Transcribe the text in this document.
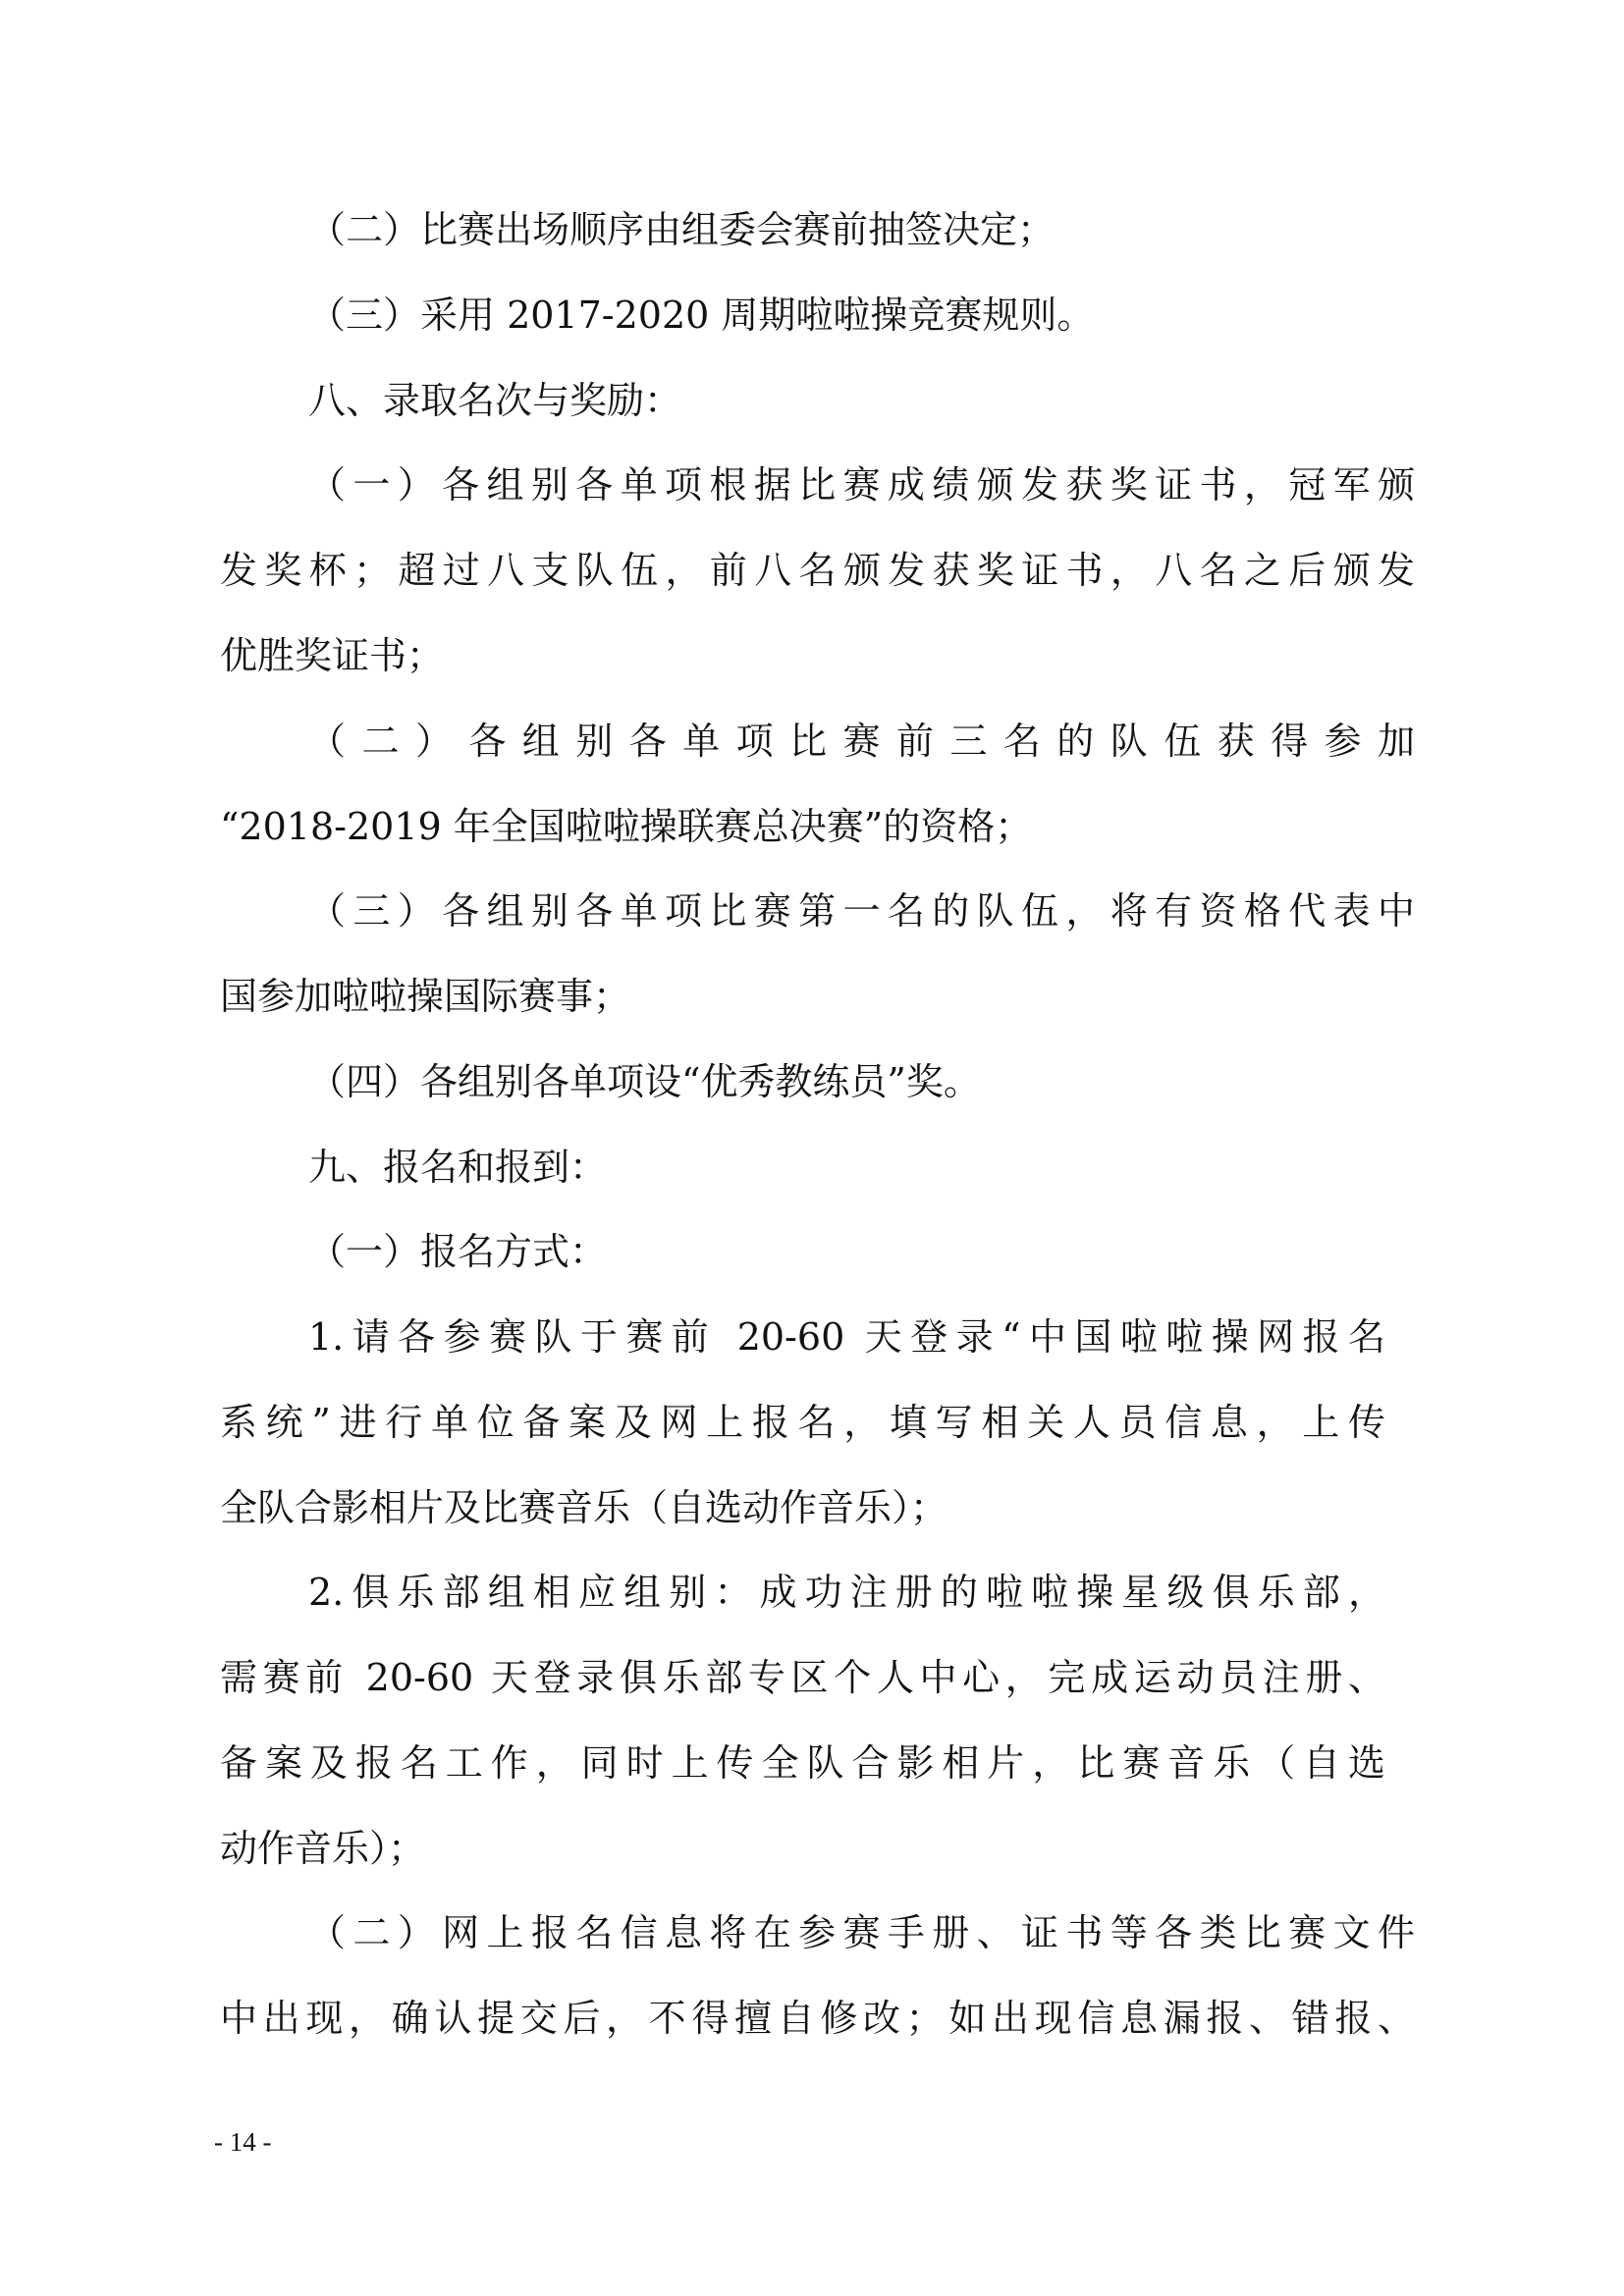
（二）比赛出场顺序由组委会赛前抽签决定；
（三）采用 2017-2020 周期啦啦操竞赛规则。
八、录取名次与奖励：
（一）各组别各单项根据比赛成绩颁发获奖证书，冠军颁
发奖杯；超过八支队伍，前八名颁发获奖证书，八名之后颁发
优胜奖证书；
（二）各组别各单项比赛前三名的队伍获得参加
“2018-2019 年全国啦啦操联赛总决赛”的资格；
（三）各组别各单项比赛第一名的队伍，将有资格代表中
国参加啦啦操国际赛事；
（四）各组别各单项设“优秀教练员”奖。
九、报名和报到：
（一）报名方式：
1.请各参赛队于赛前 20-60 天登录“中国啦啦操网报名
系统”进行单位备案及网上报名，填写相关人员信息，上传
全队合影相片及比赛音乐（自选动作音乐）；
2.俱乐部组相应组别：成功注册的啦啦操星级俱乐部，
需赛前 20-60 天登录俱乐部专区个人中心，完成运动员注册、
备案及报名工作，同时上传全队合影相片，比赛音乐（自选
动作音乐）；
（二）网上报名信息将在参赛手册、证书等各类比赛文件
中出现，确认提交后，不得擅自修改；如出现信息漏报、错报、
- 14 -
